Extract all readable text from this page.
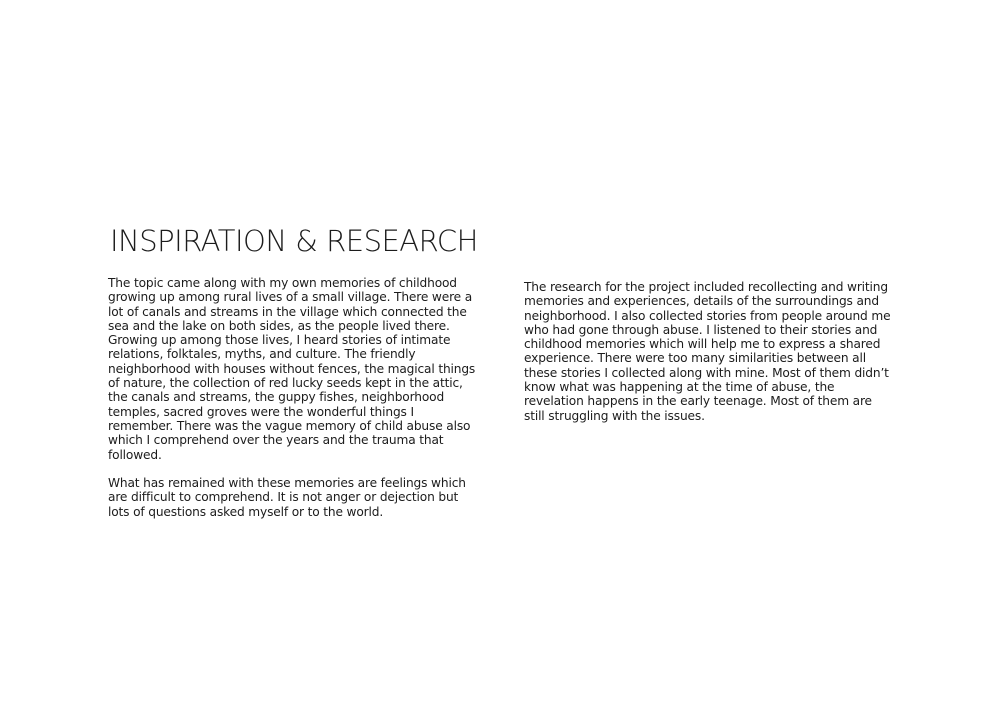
INSPIRATION & RESEARCH

The topic came along with my own memories of childhood growing up among rural lives of a small village. There were a lot of canals and streams in the village which connected the sea and the lake on both sides, as the people lived there. Growing up among those lives, I heard stories of intimate relations, folktales, myths, and culture. The friendly neighborhood with houses without fences, the magical things of nature, the collection of red lucky seeds kept in the attic, the canals and streams, the guppy fishes, neighborhood temples, sacred groves were the wonderful things I remember. There was the vague memory of child abuse also which I comprehend over the years and the trauma that followed.

What has remained with these memories are feelings which are difficult to comprehend. It is not anger or dejection but lots of questions asked myself or to the world.

The research for the project included recollecting and writing memories and experiences, details of the surroundings and neighborhood. I also collected stories from people around me who had gone through abuse. I listened to their stories and childhood memories which will help me to express a shared experience. There were too many similarities between all these stories I collected along with mine. Most of them didn’t know what was happening at the time of abuse, the revelation happens in the early teenage. Most of them are still struggling with the issues.
